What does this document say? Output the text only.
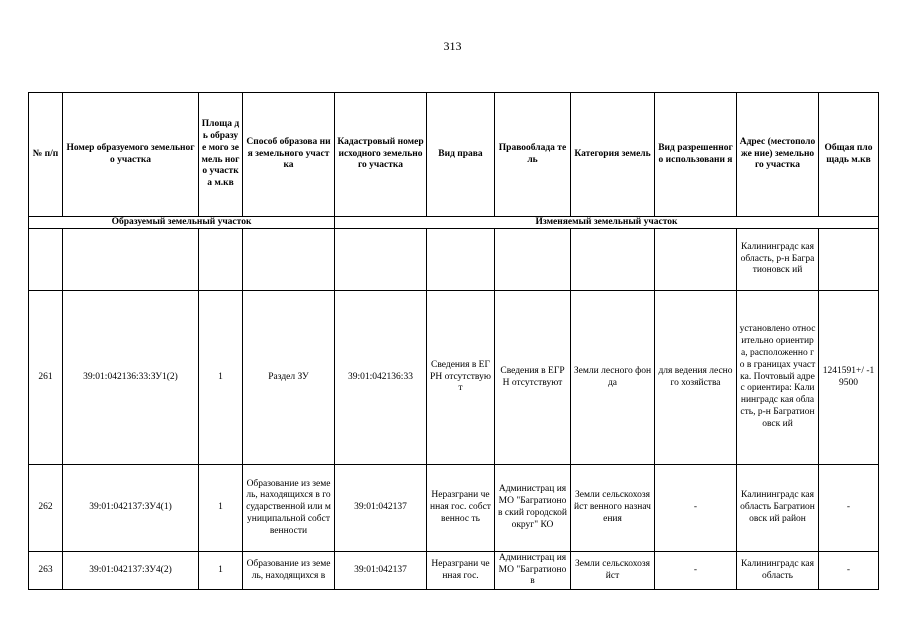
313
№ п/п	Номер образуемого земельного участка	Площа дь образу е мого земель ного участк а м.кв	Способ образова ния земельного участка	Кадастровый номер исходного земельного участка	Вид права	Правооблада тель	Категория земель	Вид разрешенного использовани я	Адрес (местоположе ние) земельного участка	Общая площадь м.кв
Образуемый земельный участок				Изменяемый земельный участок						
									Калининградс кая область, р-н Багратионовск ий	
261	39:01:042136:33:ЗУ1(2)	1	Раздел ЗУ	39:01:042136:33	Сведения в ЕГРН отсутствую т	Сведения в ЕГРН отсутствуют	Земли лесного фонда	для ведения лесного хозяйства	установлено относительно ориентира, расположенно го в границах участка. Почтовый адрес ориентира: Калининградс кая область, р-н Багратионовск ий	1241591+/ -19500
262	39:01:042137:ЗУ4(1)	1	Образование из земель, находящихся в государственной или муниципальной собственности	39:01:042137	Неразграни ченная гос. собственнос ть	Администрац ия МО "Багратионов ский городской округ" КО	Земли сельскохозяйст венного назначения	-	Калининградс кая область Багратионовск ий район	-
263	39:01:042137:ЗУ4(2)	1	Образование из земель, находящихся в	39:01:042137	Неразграни ченная гос.	Администрац ия МО "Багратионов	Земли сельскохозяйст	-	Калининградс кая область	-
